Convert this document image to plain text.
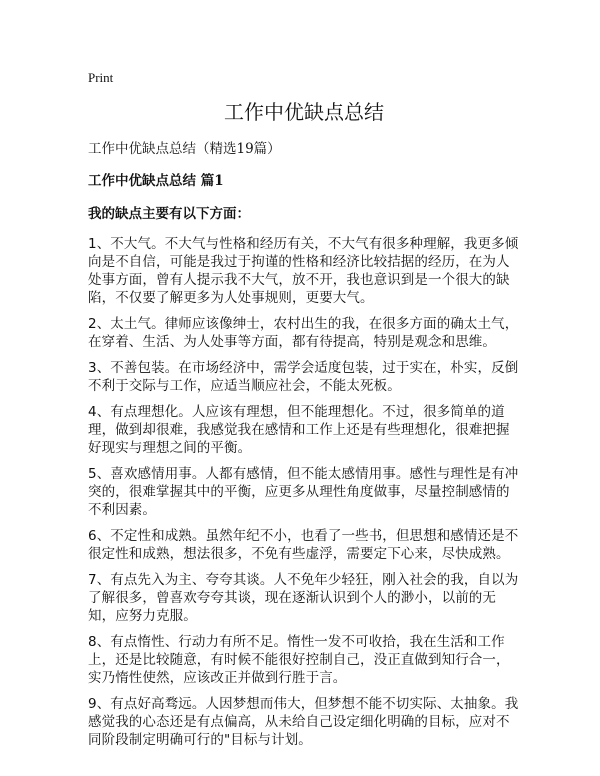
Print
工作中优缺点总结
工作中优缺点总结（精选19篇）
工作中优缺点总结 篇1
我的缺点主要有以下方面：

1、不大气。不大气与性格和经历有关，不大气有很多种理解，我更多倾向是不自信，可能是我过于拘谨的性格和经济比较拮据的经历，在为人处事方面，曾有人提示我不大气，放不开，我也意识到是一个很大的缺陷，不仅要了解更多为人处事规则，更要大气。

2、太土气。律师应该像绅士，农村出生的我，在很多方面的确太土气，在穿着、生活、为人处事等方面，都有待提高，特别是观念和思维。

3、不善包装。在市场经济中，需学会适度包装，过于实在，朴实，反倒不利于交际与工作，应适当顺应社会，不能太死板。

4、有点理想化。人应该有理想，但不能理想化。不过，很多简单的道理，做到却很难，我感觉我在感情和工作上还是有些理想化，很难把握好现实与理想之间的平衡。

5、喜欢感情用事。人都有感情，但不能太感情用事。感性与理性是有冲突的，很难掌握其中的平衡，应更多从理性角度做事，尽量控制感情的不利因素。

6、不定性和成熟。虽然年纪不小，也看了一些书，但思想和感情还是不很定性和成熟，想法很多，不免有些虚浮，需要定下心来，尽快成熟。

7、有点先入为主、夸夸其谈。人不免年少轻狂，刚入社会的我，自以为了解很多，曾喜欢夸夸其谈，现在逐渐认识到个人的渺小，以前的无知，应努力克服。

8、有点惰性、行动力有所不足。惰性一发不可收拾，我在生活和工作上，还是比较随意，有时候不能很好控制自己，没正直做到知行合一，实乃惰性使然，应该改正并做到行胜于言。

9、有点好高骛远。人因梦想而伟大，但梦想不能不切实际、太抽象。我感觉我的心态还是有点偏高，从未给自己设定细化明确的目标，应对不同阶段制定明确可行的"目标与计划。
